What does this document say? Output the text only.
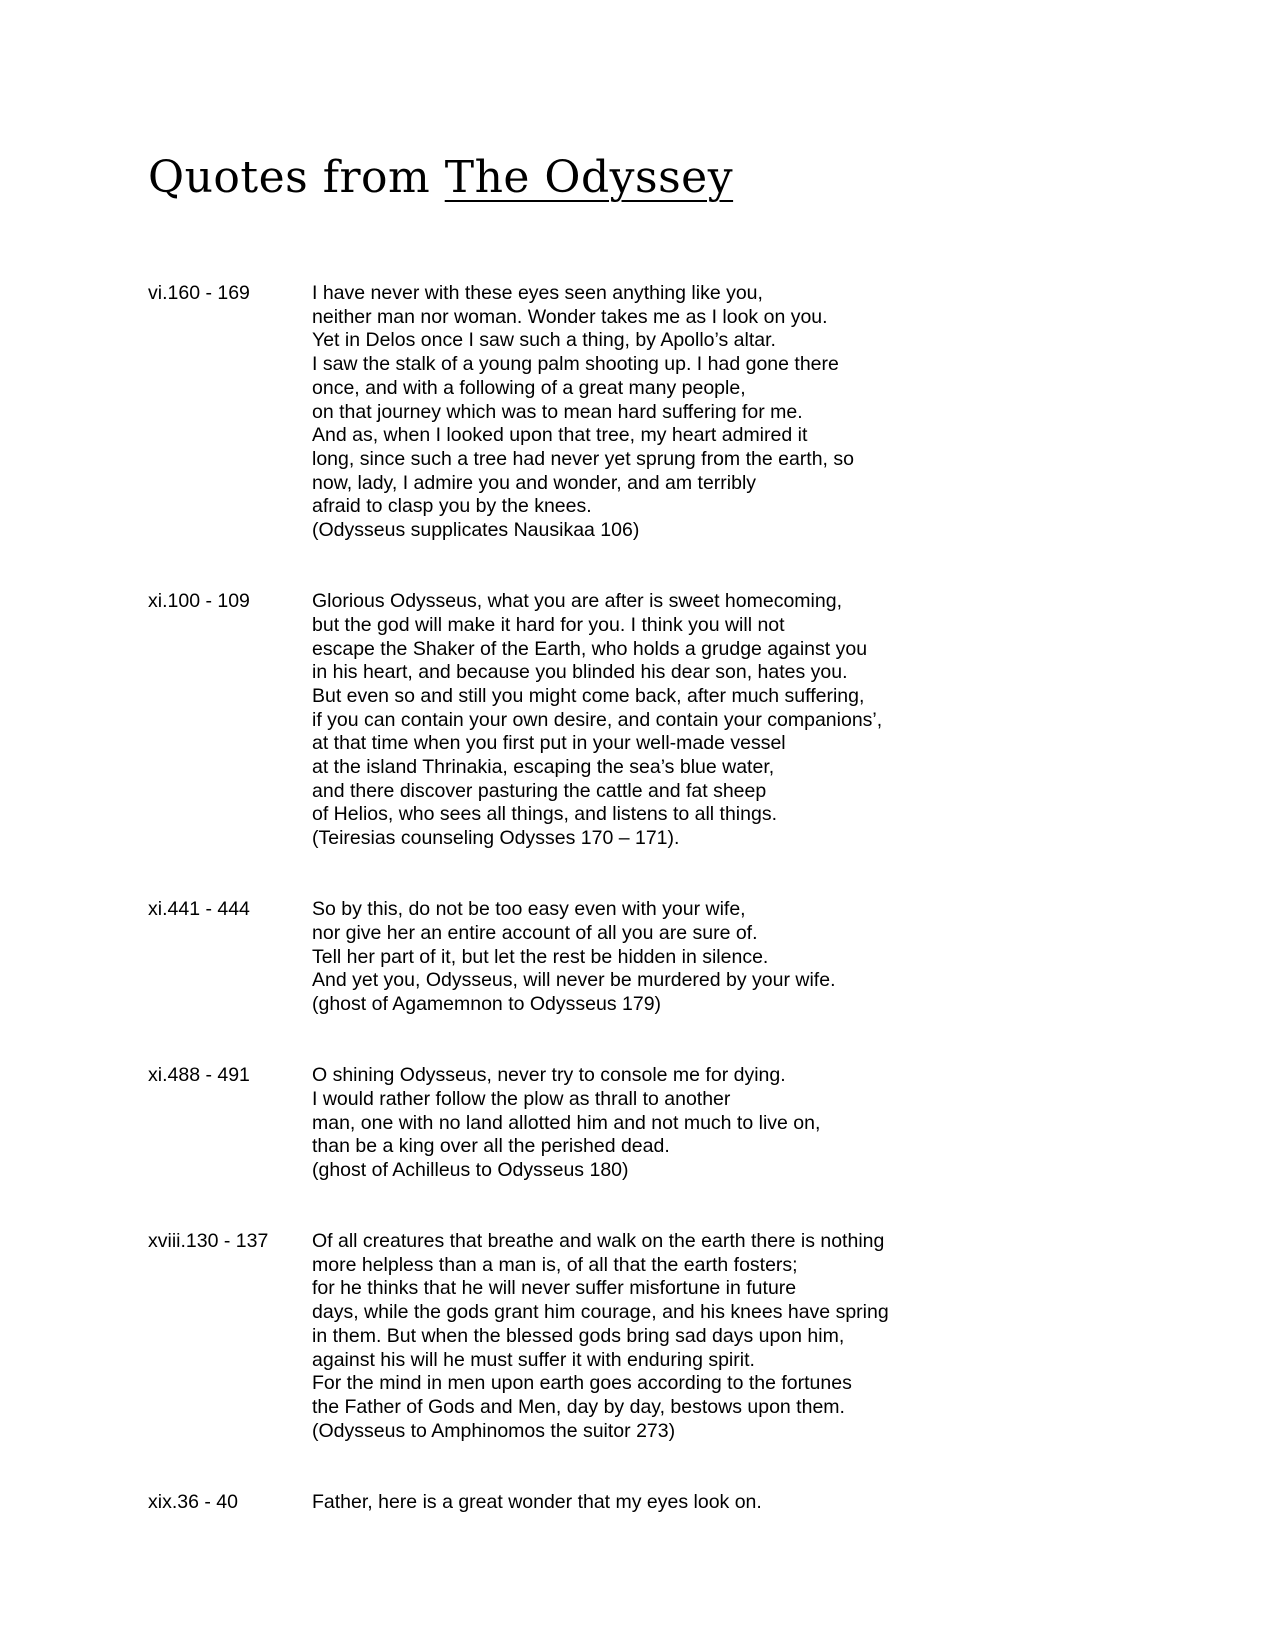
Quotes from The Odyssey
vi.160 - 169	I have never with these eyes seen anything like you,
neither man nor woman. Wonder takes me as I look on you.
Yet in Delos once I saw such a thing, by Apollo’s altar.
I saw the stalk of a young palm shooting up. I had gone there
once, and with a following of a great many people,
on that journey which was to mean hard suffering for me.
And as, when I looked upon that tree, my heart admired it
long, since such a tree had never yet sprung from the earth, so
now, lady, I admire you and wonder, and am terribly
afraid to clasp you by the knees.
(Odysseus supplicates Nausikaa 106)
xi.100 - 109	Glorious Odysseus, what you are after is sweet homecoming,
but the god will make it hard for you. I think you will not
escape the Shaker of the Earth, who holds a grudge against you
in his heart, and because you blinded his dear son, hates you.
But even so and still you might come back, after much suffering,
if you can contain your own desire, and contain your companions’,
at that time when you first put in your well-made vessel
at the island Thrinakia, escaping the sea’s blue water,
and there discover pasturing the cattle and fat sheep
of Helios, who sees all things, and listens to all things.
(Teiresias counseling Odysses 170 – 171).
xi.441 - 444	So by this, do not be too easy even with your wife,
nor give her an entire account of all you are sure of.
Tell her part of it, but let the rest be hidden in silence.
And yet you, Odysseus, will never be murdered by your wife.
(ghost of Agamemnon to Odysseus 179)
xi.488 - 491	O shining Odysseus, never try to console me for dying.
I would rather follow the plow as thrall to another
man, one with no land allotted him and not much to live on,
than be a king over all the perished dead.
(ghost of Achilleus to Odysseus 180)
xviii.130 - 137	Of all creatures that breathe and walk on the earth there is nothing
more helpless than a man is, of all that the earth fosters;
for he thinks that he will never suffer misfortune in future
days, while the gods grant him courage, and his knees have spring
in them. But when the blessed gods bring sad days upon him,
against his will he must suffer it with enduring spirit.
For the mind in men upon earth goes according to the fortunes
the Father of Gods and Men, day by day, bestows upon them.
(Odysseus to Amphinomos the suitor 273)
xix.36 - 40	Father, here is a great wonder that my eyes look on.
